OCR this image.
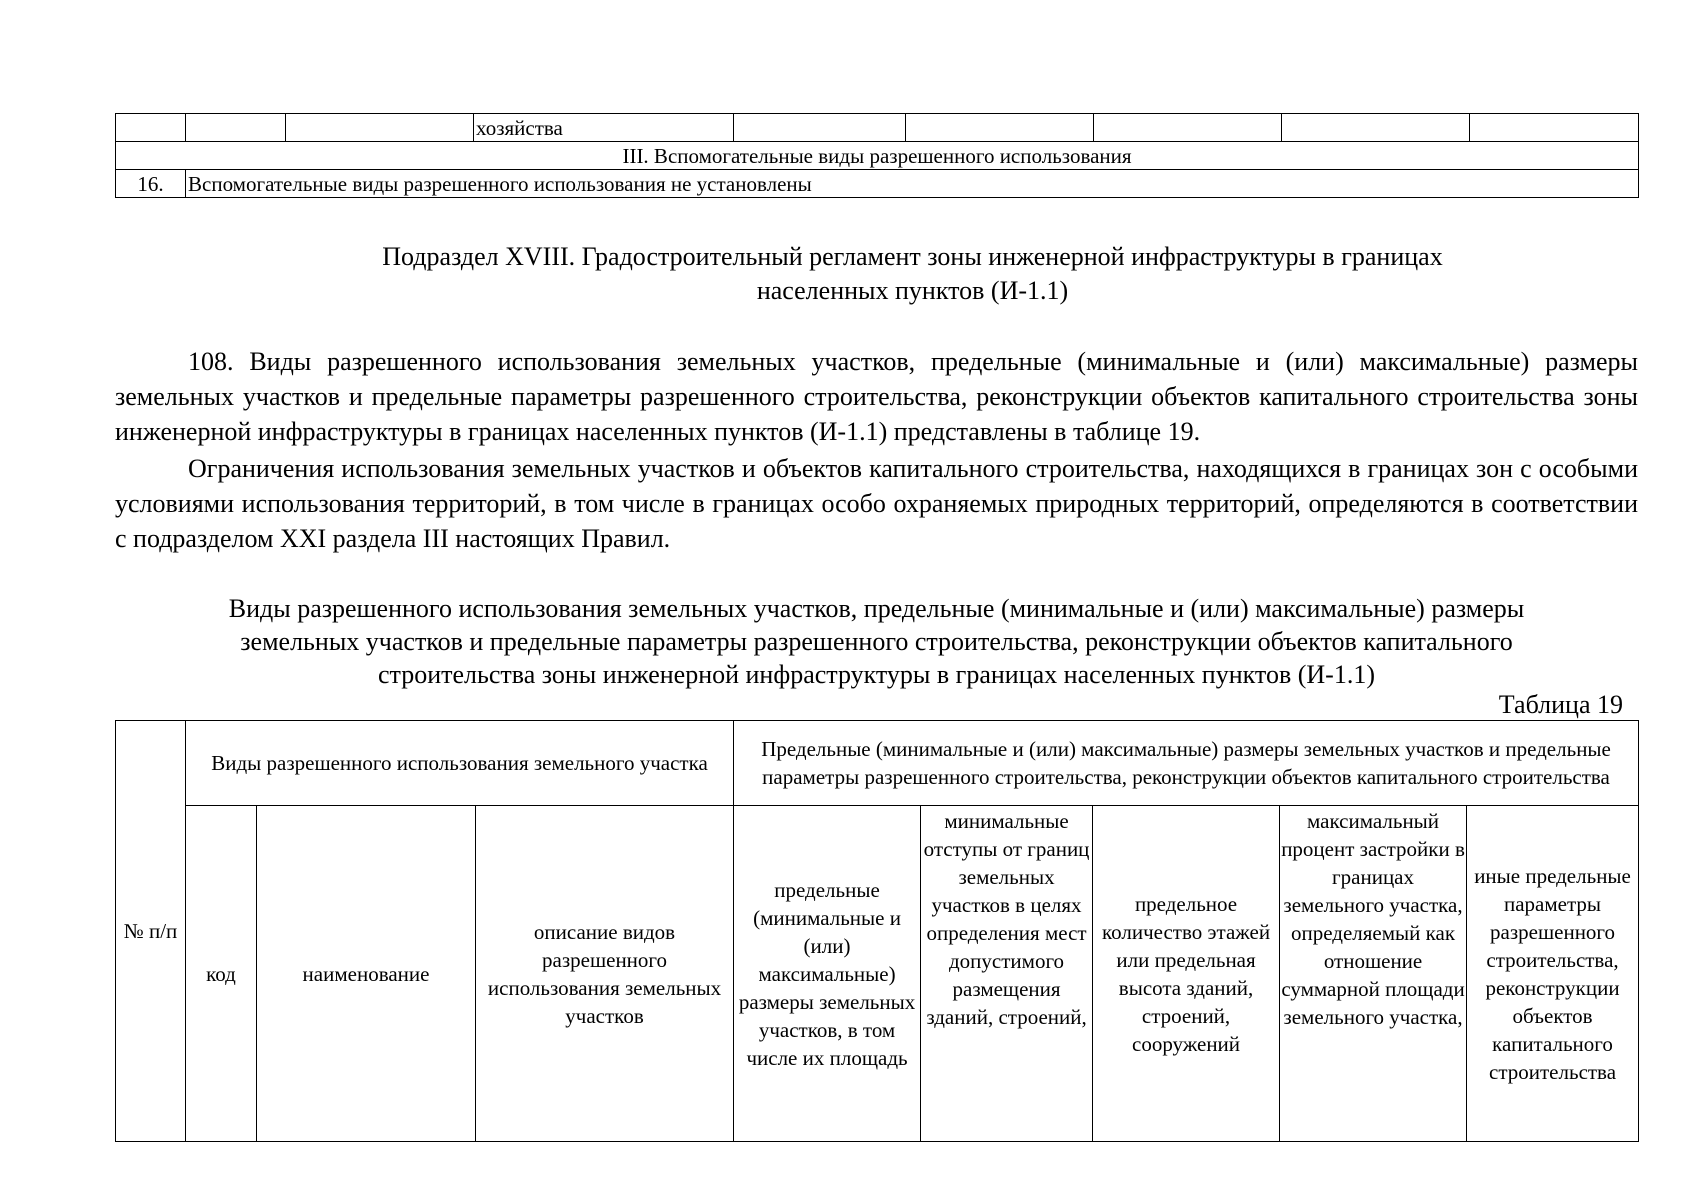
			хозяйства					
III. Вспомогательные виды разрешенного использования								
16.	Вспомогательные виды разрешенного использования не установлены							
Подраздел XVIII. Градостроительный регламент зоны инженерной инфраструктуры в границах
населенных пунктов (И-1.1)

108. Виды разрешенного использования земельных участков, предельные (минимальные и (или) максимальные) размеры земельных участков и предельные параметры разрешенного строительства, реконструкции объектов капитального строительства зоны инженерной инфраструктуры в границах населенных пунктов (И-1.1) представлены в таблице 19.

Ограничения использования земельных участков и объектов капитального строительства, находящихся в границах зон с особыми условиями использования территорий, в том числе в границах особо охраняемых природных территорий, определяются в соответствии с подразделом XXI раздела III настоящих Правил.

Виды разрешенного использования земельных участков, предельные (минимальные и (или) максимальные) размеры
земельных участков и предельные параметры разрешенного строительства, реконструкции объектов капитального
строительства зоны инженерной инфраструктуры в границах населенных пунктов (И-1.1)
Таблица 19
№ п/п	Виды разрешенного использования земельного участка			Предельные (минимальные и (или) максимальные) размеры земельных участков и предельные параметры разрешенного строительства, реконструкции объектов капитального строительства				
	код	наименование	описание видов разрешенного использования земельных участков	предельные (минимальные и (или) максимальные) размеры земельных участков, в том числе их площадь	минимальные отступы от границ земельных участков в целях определения мест допустимого размещения зданий, строений,	предельное количество этажей или предельная высота зданий, строений, сооружений	максимальный процент застройки в границах земельного участка, определяемый как отношение суммарной площади земельного участка,	иные предельные параметры разрешенного строительства, реконструкции объектов капитального строительства
